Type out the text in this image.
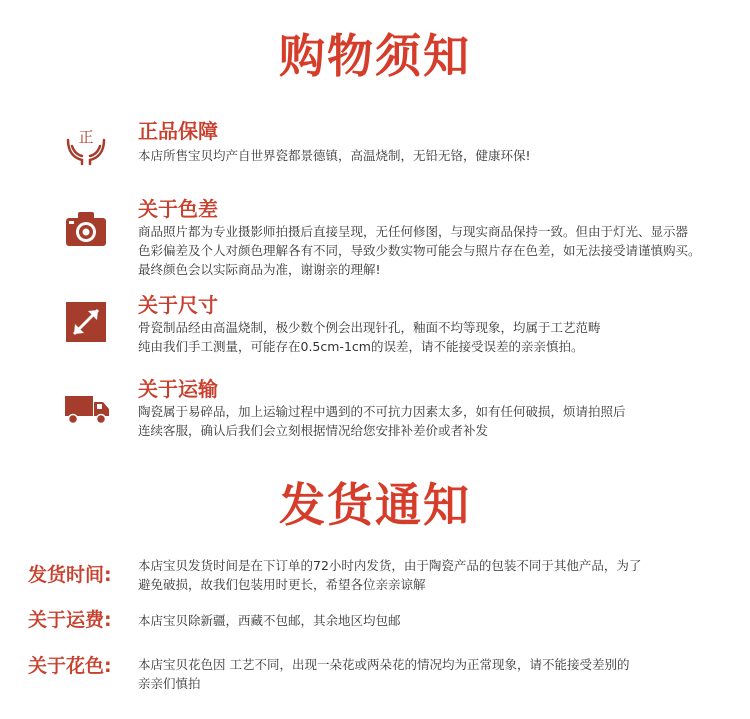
购物须知
正 正品保障
本店所售宝贝均产自世界瓷都景德镇，高温烧制，无铅无铬，健康环保!
关于色差
商品照片都为专业摄影师拍摄后直接呈现，无任何修图，与现实商品保持一致。但由于灯光、显示器
色彩偏差及个人对颜色理解各有不同，导致少数实物可能会与照片存在色差，如无法接受请谨慎购买。
最终颜色会以实际商品为准，谢谢亲的理解!
关于尺寸
骨瓷制品经由高温烧制，极少数个例会出现针孔，釉面不均等现象，均属于工艺范畴
纯由我们手工测量，可能存在0.5cm-1cm的误差，请不能接受误差的亲亲慎拍。
关于运输
陶瓷属于易碎品，加上运输过程中遇到的不可抗力因素太多，如有任何破损，烦请拍照后
连续客服，确认后我们会立刻根据情况给您安排补差价或者补发
发货通知
发货时间: 本店宝贝发货时间是在下订单的72小时内发货，由于陶瓷产品的包装不同于其他产品，为了
避免破损，故我们包装用时更长，希望各位亲亲谅解
关于运费: 本店宝贝除新疆，西藏不包邮，其余地区均包邮
关于花色: 本店宝贝花色因 工艺不同，出现一朵花或两朵花的情况均为正常现象，请不能接受差别的
亲亲们慎拍
